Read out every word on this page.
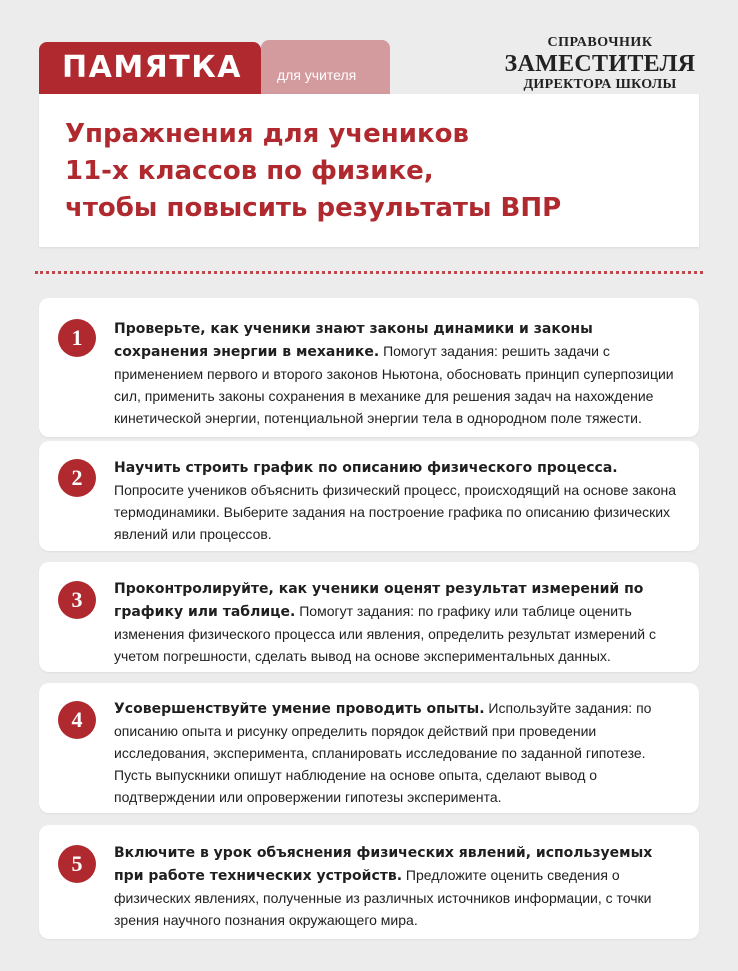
ПАМЯТКА	для учителя
СПРАВОЧНИК
ЗАМЕСТИТЕЛЯ
ДИРЕКТОРА ШКОЛЫ
Упражнения для учеников
11-х классов по физике,
чтобы повысить результаты ВПР
1	Проверьте, как ученики знают законы динамики и законы сохранения энергии в механике. Помогут задания: решить задачи с применением первого и второго законов Ньютона, обосновать принцип суперпозиции сил, применить законы сохранения в механике для решения задач на нахождение кинетической энергии, потенциальной энергии тела в однородном поле тяжести.
2	Научить строить график по описанию физического процесса. Попросите учеников объяснить физический процесс, происходящий на основе закона термодинамики. Выберите задания на построение графика по описанию физических явлений или процессов.
3	Проконтролируйте, как ученики оценят результат измерений по графику или таблице. Помогут задания: по графику или таблице оценить изменения физического процесса или явления, определить результат измерений с учетом погрешности, сделать вывод на основе экспериментальных данных.
4	Усовершенствуйте умение проводить опыты. Используйте задания: по описанию опыта и рисунку определить порядок действий при проведении исследования, эксперимента, спланировать исследование по заданной гипотезе. Пусть выпускники опишут наблюдение на основе опыта, сделают вывод о подтверждении или опровержении гипотезы эксперимента.
5	Включите в урок объяснения физических явлений, используемых при работе технических устройств. Предложите оценить сведения о физических явлениях, полученные из различных источников информации, с точки зрения научного познания окружающего мира.
